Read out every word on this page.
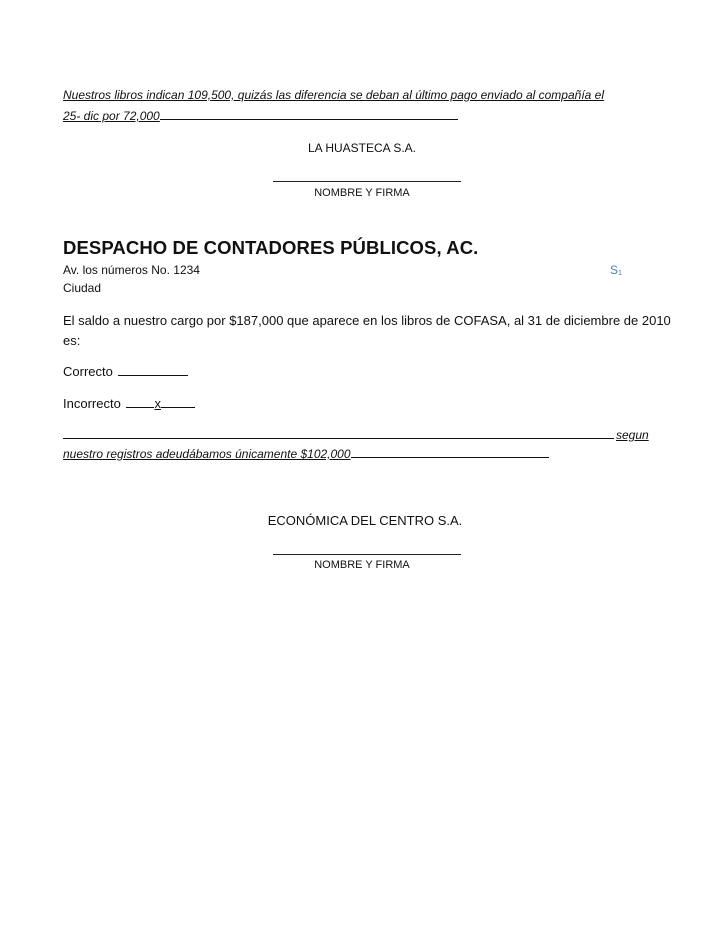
Nuestros libros indican 109,500, quizás las diferencia se deban al último pago enviado al compañía el
25- dic por 72,000
LA HUASTECA S.A.
NOMBRE Y FIRMA
DESPACHO DE CONTADORES PÚBLICOS, AC.
Av. los números No. 1234	S₁
Ciudad
El saldo a nuestro cargo por $187,000 que aparece en los libros de COFASA, al 31 de diciembre de 2010
es:
Correcto
Incorrecto	x
segun
nuestro registros adeudábamos únicamente $102,000
ECONÓMICA DEL CENTRO S.A.
NOMBRE Y FIRMA
